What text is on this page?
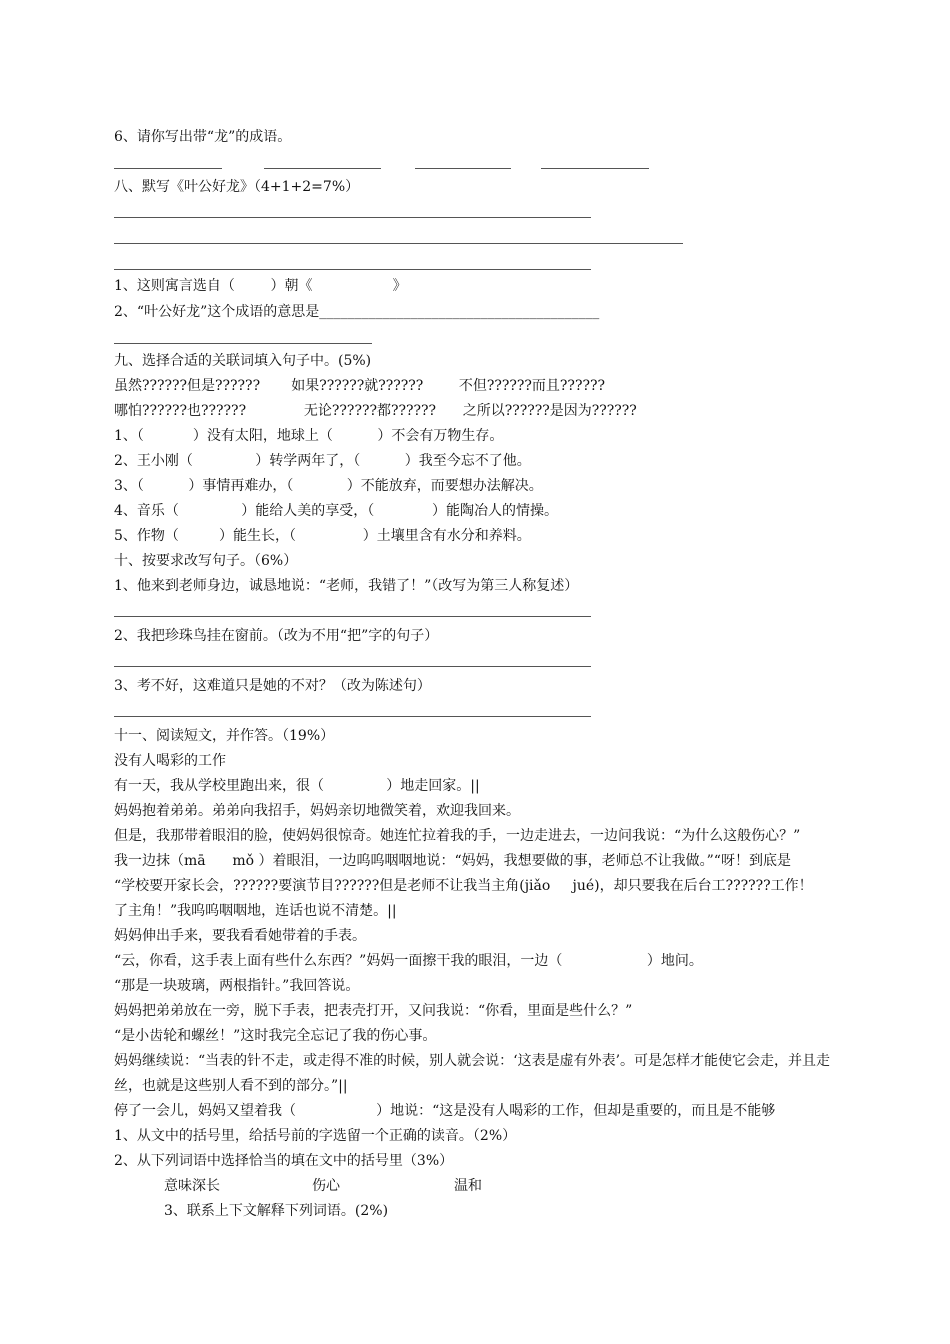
6、请你写出带“龙”的成语。
八、默写《叶公好龙》（4+1+2=7%）
1、这则寓言选自（        ）朝《                  》
2、“叶公好龙”这个成语的意思是________________________________________
九、选择合适的关联词填入句子中。(5%)
虽然??????但是??????       如果??????就??????        不但??????而且??????
哪怕??????也??????             无论??????都??????      之所以??????是因为??????
1、（           ）没有太阳，地球上（          ）不会有万物生存。
2、王小刚（              ）转学两年了，（          ）我至今忘不了他。
3、（          ）事情再难办，（            ）不能放弃，而要想办法解决。
4、音乐（              ）能给人美的享受，（             ）能陶冶人的情操。
5、作物（         ）能生长，（               ）土壤里含有水分和养料。
十、按要求改写句子。（6%）
1、他来到老师身边，诚恳地说：“老师，我错了！”（改写为第三人称复述）
2、我把珍珠鸟挂在窗前。（改为不用“把”字的句子）
3、考不好，这难道只是她的不对？（改为陈述句）
十一、阅读短文，并作答。（19%）
没有人喝彩的工作
有一天，我从学校里跑出来，很（              ）地走回家。||
妈妈抱着弟弟。弟弟向我招手，妈妈亲切地微笑着，欢迎我回来。
但是，我那带着眼泪的脸，使妈妈很惊奇。她连忙拉着我的手，一边走进去，一边问我说：“为什么这般伤心？”
我一边抹（mā      mǒ ）着眼泪，一边呜呜咽咽地说：“妈妈，我想要做的事，老师总不让我做。”“呀！到底是
“学校要开家长会，??????要演节目??????但是老师不让我当主角(jiǎo     jué)，却只要我在后台工??????工作！
了主角！”我呜呜咽咽地，连话也说不清楚。||
妈妈伸出手来，要我看看她带着的手表。
“云，你看，这手表上面有些什么东西？”妈妈一面擦干我的眼泪，一边（                   ）地问。
“那是一块玻璃，两根指针。”我回答说。
妈妈把弟弟放在一旁，脱下手表，把表壳打开，又问我说：“你看，里面是些什么？”
“是小齿轮和螺丝！”这时我完全忘记了我的伤心事。
妈妈继续说：“当表的针不走，或走得不准的时候，别人就会说：‘这表是虚有外表’。可是怎样才能使它会走，并且走
丝，也就是这些别人看不到的部分。”||
停了一会儿，妈妈又望着我（                  ）地说：“这是没有人喝彩的工作，但却是重要的，而且是不能够
1、从文中的括号里，给括号前的字选留一个正确的读音。（2%）
2、从下列词语中选择恰当的填在文中的括号里（3%）
意味深长	伤心	温和
3、联系上下文解释下列词语。(2%)
